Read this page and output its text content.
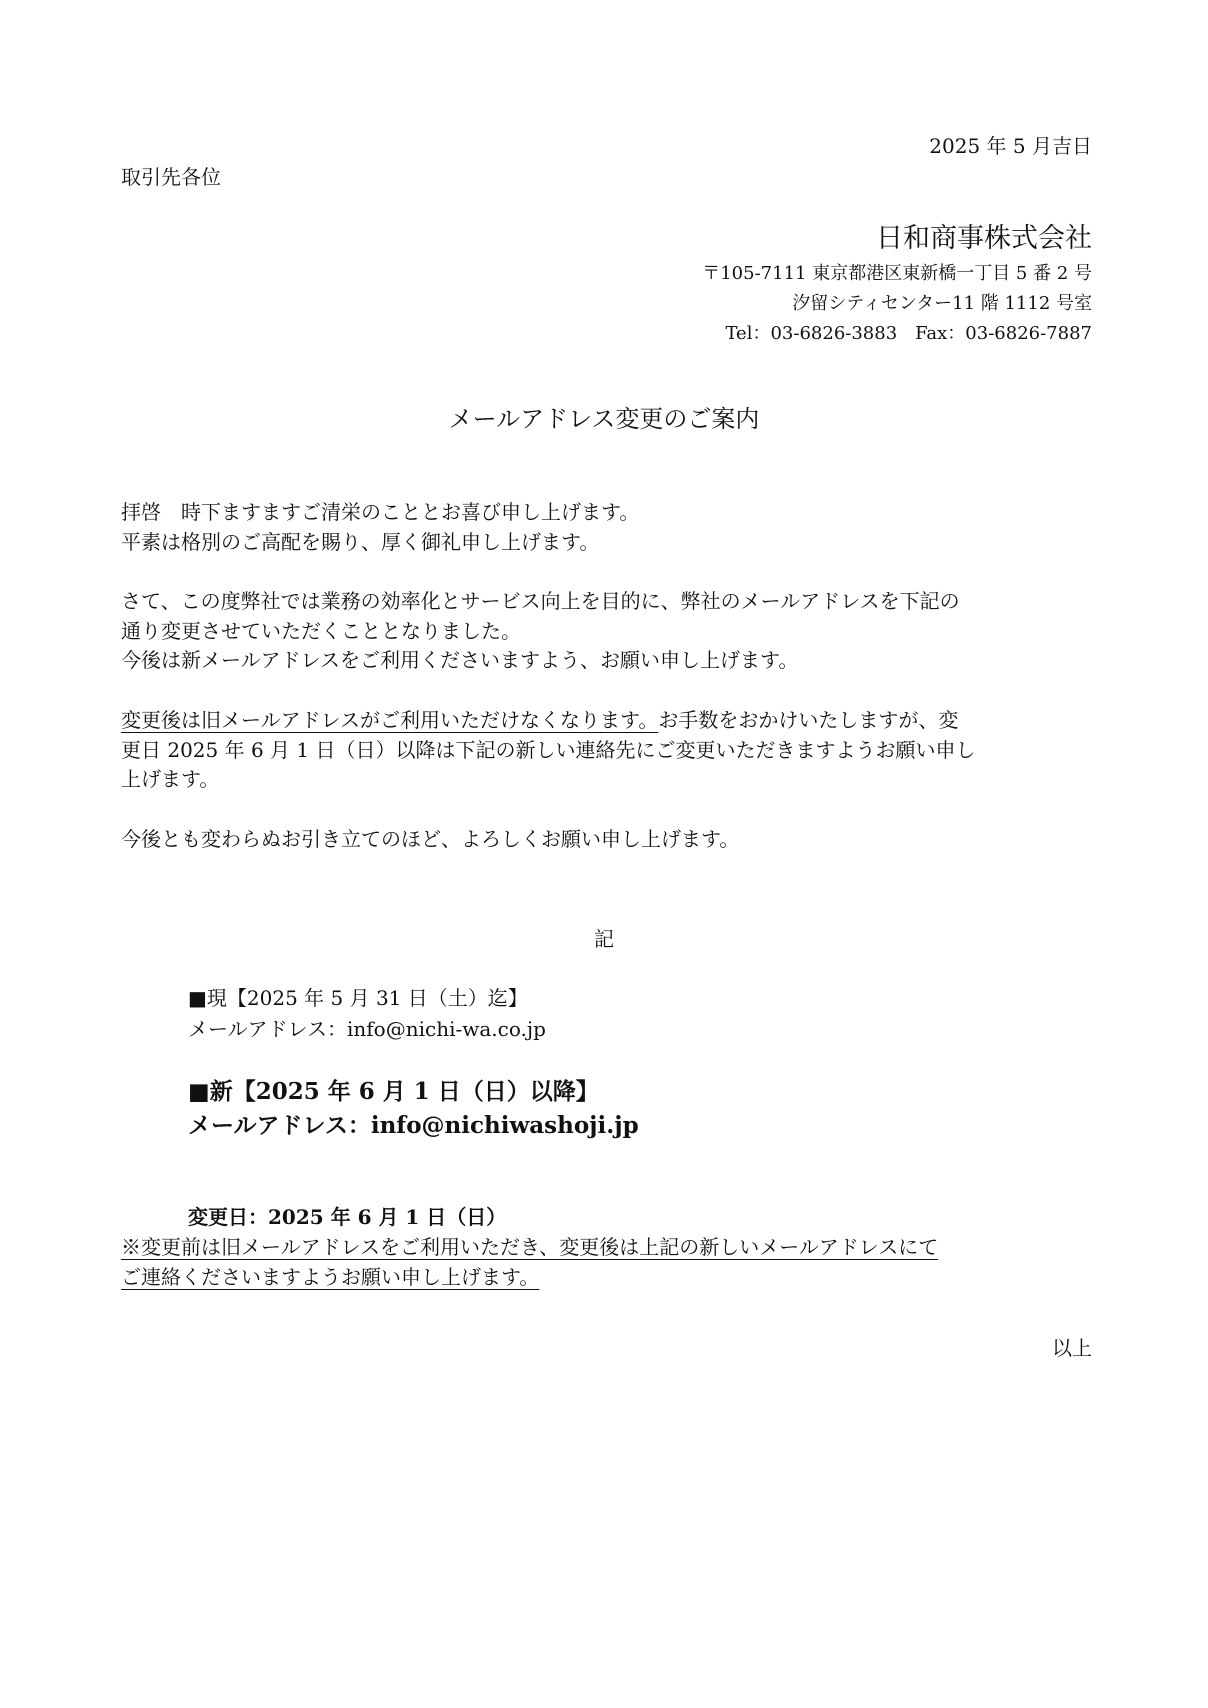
2025 年 5 月吉日
取引先各位
日和商事株式会社
〒105-7111 東京都港区東新橋一丁目 5 番 2 号
汐留シティセンター11 階 1112 号室
Tel：03-6826-3883　Fax：03-6826-7887
メールアドレス変更のご案内
拝啓　時下ますますご清栄のこととお喜び申し上げます。
平素は格別のご高配を賜り、厚く御礼申し上げます。
さて、この度弊社では業務の効率化とサービス向上を目的に、弊社のメールアドレスを下記の
通り変更させていただくこととなりました。
今後は新メールアドレスをご利用くださいますよう、お願い申し上げます。
変更後は旧メールアドレスがご利用いただけなくなります。お手数をおかけいたしますが、変
更日 2025 年 6 月 1 日（日）以降は下記の新しい連絡先にご変更いただきますようお願い申し
上げます。
今後とも変わらぬお引き立てのほど、よろしくお願い申し上げます。
記
■現【2025 年 5 月 31 日（土）迄】
メールアドレス：info@nichi-wa.co.jp
■新【2025 年 6 月 1 日（日）以降】
メールアドレス：info@nichiwashoji.jp
変更日：2025 年 6 月 1 日（日）
※変更前は旧メールアドレスをご利用いただき、変更後は上記の新しいメールアドレスにて
ご連絡くださいますようお願い申し上げます。
以上
